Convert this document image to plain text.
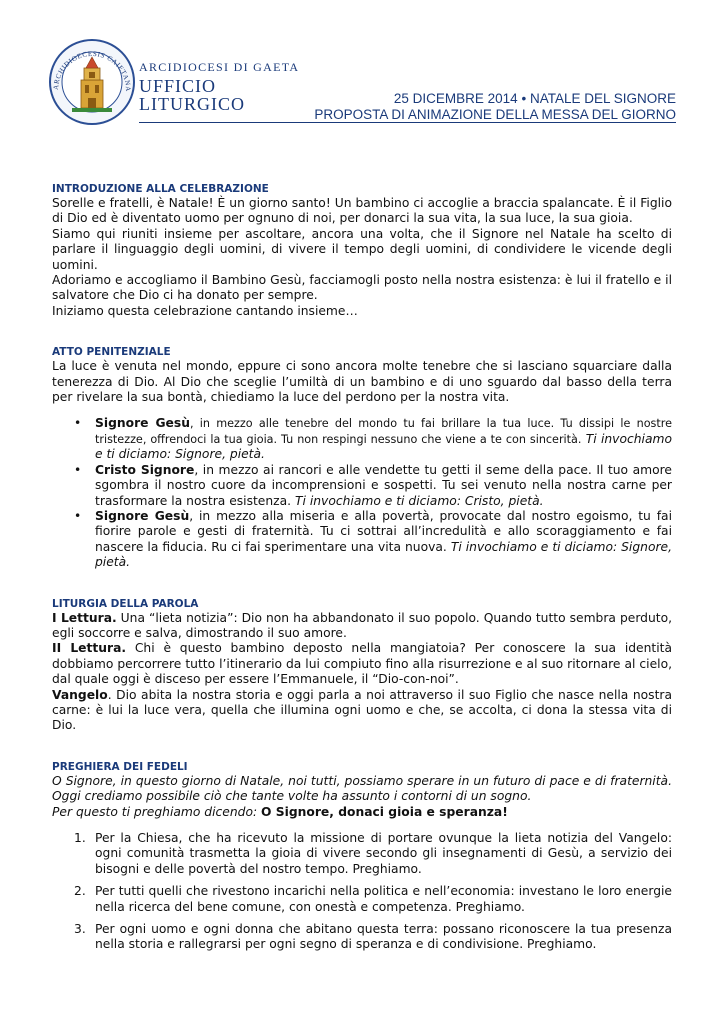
ARCHIDIOECESIS CAIETANA
ARCIDIOCESI DI GAETA
UFFICIO
LITURGICO	25 DICEMBRE 2014 • NATALE DEL SIGNORE
PROPOSTA DI ANIMAZIONE DELLA MESSA DEL GIORNO
INTRODUZIONE ALLA CELEBRAZIONE

Sorelle e fratelli, è Natale! È un giorno santo! Un bambino ci accoglie a braccia spalancate. È il Figlio di Dio ed è diventato uomo per ognuno di noi, per donarci la sua vita, la sua luce, la sua gioia.

Siamo qui riuniti insieme per ascoltare, ancora una volta, che il Signore nel Natale ha scelto di parlare il linguaggio degli uomini, di vivere il tempo degli uomini, di condividere le vicende degli uomini.

Adoriamo e accogliamo il Bambino Gesù, facciamogli posto nella nostra esistenza: è lui il fratello e il salvatore che Dio ci ha donato per sempre.

Iniziamo questa celebrazione cantando insieme…

ATTO PENITENZIALE

La luce è venuta nel mondo, eppure ci sono ancora molte tenebre che si lasciano squarciare dalla tenerezza di Dio. Al Dio che sceglie l’umiltà di un bambino e di uno sguardo dal basso della terra per rivelare la sua bontà, chiediamo la luce del perdono per la nostra vita.

• Signore Gesù, in mezzo alle tenebre del mondo tu fai brillare la tua luce. Tu dissipi le nostre tristezze, offrendoci la tua gioia. Tu non respingi nessuno che viene a te con sincerità. Ti invochiamo e ti diciamo: Signore, pietà.
• Cristo Signore, in mezzo ai rancori e alle vendette tu getti il seme della pace. Il tuo amore sgombra il nostro cuore da incomprensioni e sospetti. Tu sei venuto nella nostra carne per trasformare la nostra esistenza. Ti invochiamo e ti diciamo: Cristo, pietà.
• Signore Gesù, in mezzo alla miseria e alla povertà, provocate dal nostro egoismo, tu fai fiorire parole e gesti di fraternità. Tu ci sottrai all’incredulità e allo scoraggiamento e fai nascere la fiducia. Ru ci fai sperimentare una vita nuova. Ti invochiamo e ti diciamo: Signore, pietà.
LITURGIA DELLA PAROLA

I Lettura. Una “lieta notizia”: Dio non ha abbandonato il suo popolo. Quando tutto sembra perduto, egli soccorre e salva, dimostrando il suo amore.

II Lettura. Chi è questo bambino deposto nella mangiatoia? Per conoscere la sua identità dobbiamo percorrere tutto l’itinerario da lui compiuto fino alla risurrezione e al suo ritornare al cielo, dal quale oggi è disceso per essere l’Emmanuele, il “Dio-con-noi”.

Vangelo. Dio abita la nostra storia e oggi parla a noi attraverso il suo Figlio che nasce nella nostra carne: è lui la luce vera, quella che illumina ogni uomo e che, se accolta, ci dona la stessa vita di Dio.

PREGHIERA DEI FEDELI

O Signore, in questo giorno di Natale, noi tutti, possiamo sperare in un futuro di pace e di fraternità. Oggi crediamo possibile ciò che tante volte ha assunto i contorni di un sogno.

Per questo ti preghiamo dicendo: O Signore, donaci gioia e speranza!

1. Per la Chiesa, che ha ricevuto la missione di portare ovunque la lieta notizia del Vangelo: ogni comunità trasmetta la gioia di vivere secondo gli insegnamenti di Gesù, a servizio dei bisogni e delle povertà del nostro tempo. Preghiamo.
2. Per tutti quelli che rivestono incarichi nella politica e nell’economia: investano le loro energie nella ricerca del bene comune, con onestà e competenza. Preghiamo.
3. Per ogni uomo e ogni donna che abitano questa terra: possano riconoscere la tua presenza nella storia e rallegrarsi per ogni segno di speranza e di condivisione. Preghiamo.
